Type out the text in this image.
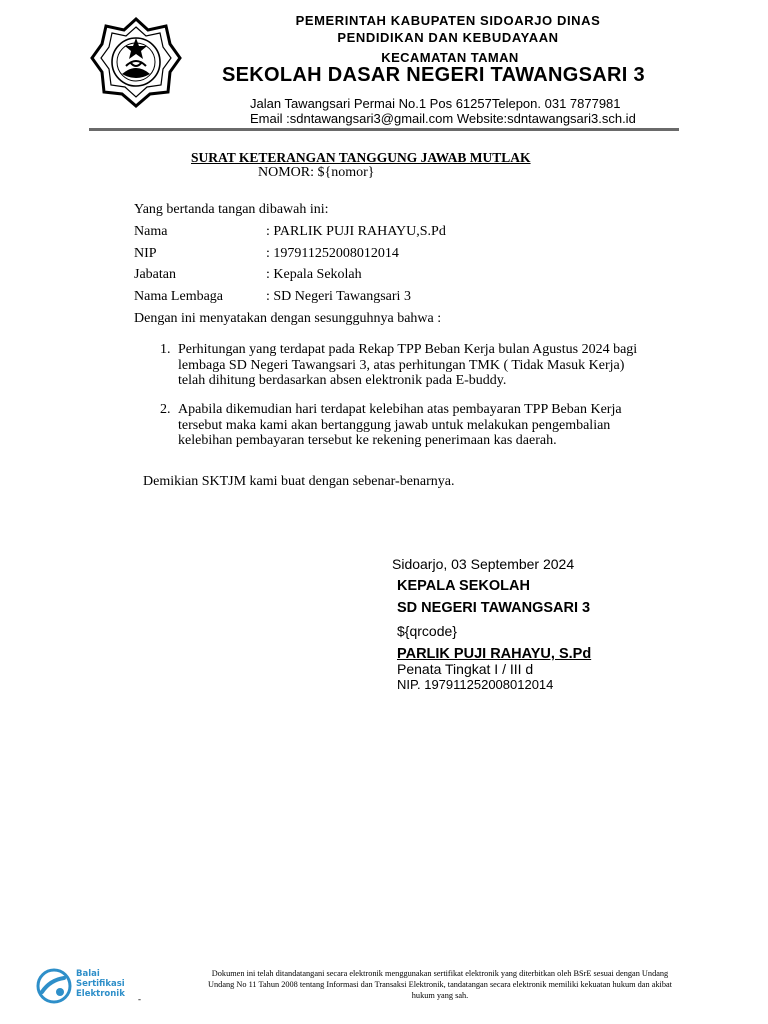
PEMERINTAH KABUPATEN SIDOARJO DINAS
PENDIDIKAN DAN KEBUDAYAAN
KECAMATAN TAMAN
SEKOLAH DASAR NEGERI TAWANGSARI 3
Jalan Tawangsari Permai No.1 Pos 61257Telepon. 031 7877981
Email :sdntawangsari3@gmail.com Website:sdntawangsari3.sch.id
SURAT KETERANGAN TANGGUNG JAWAB MUTLAK
NOMOR: ${nomor}
Yang bertanda tangan dibawah ini:
Nama	: PARLIK PUJI RAHAYU,S.Pd
NIP	: 197911252008012014
Jabatan	: Kepala Sekolah
Nama Lembaga	: SD Negeri Tawangsari 3
Dengan ini menyatakan dengan sesungguhnya bahwa :
1. Perhitungan yang terdapat pada Rekap TPP Beban Kerja bulan Agustus 2024 bagi
lembaga SD Negeri Tawangsari 3, atas perhitungan TMK ( Tidak Masuk Kerja)
telah dihitung berdasarkan absen elektronik pada E-buddy.
2. Apabila dikemudian hari terdapat kelebihan atas pembayaran TPP Beban Kerja
tersebut maka kami akan bertanggung jawab untuk melakukan pengembalian
kelebihan pembayaran tersebut ke rekening penerimaan kas daerah.
Demikian SKTJM kami buat dengan sebenar-benarnya.
Sidoarjo, 03 September 2024
KEPALA SEKOLAH
SD NEGERI TAWANGSARI 3
${qrcode}
PARLIK PUJI RAHAYU, S.Pd
Penata Tingkat I / III d
NIP. 197911252008012014
Balai
Sertifikasi
Elektronik -
Dokumen ini telah ditandatangani secara elektronik menggunakan sertifikat elektronik yang diterbitkan oleh BSrE sesuai dengan Undang
Undang No 11 Tahun 2008 tentang Informasi dan Transaksi Elektronik, tandatangan secara elektronik memiliki kekuatan hukum dan akibat
hukum yang sah.
